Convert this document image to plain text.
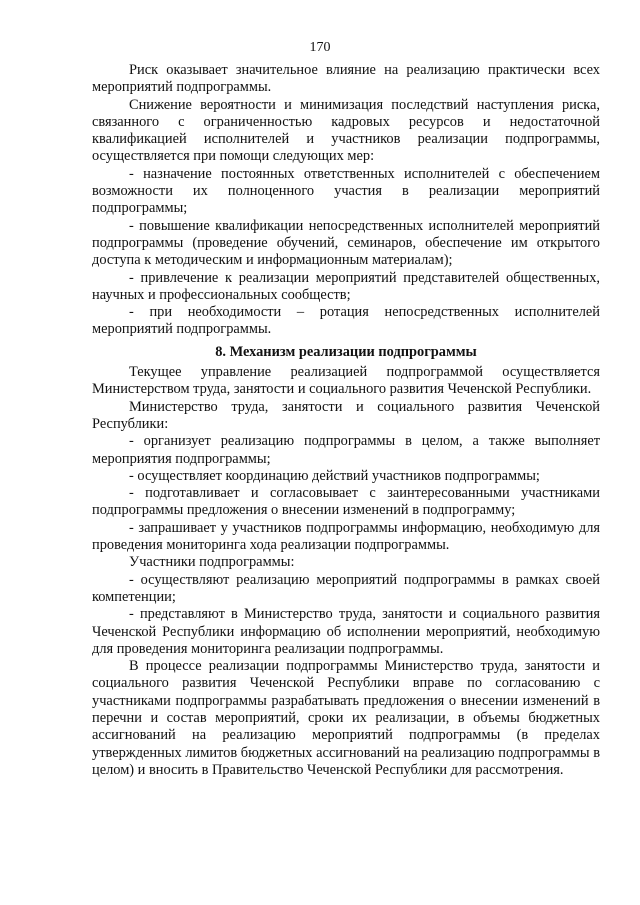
170

Риск оказывает значительное влияние на реализацию практически всех мероприятий подпрограммы.

Снижение вероятности и минимизация последствий наступления риска, связанного с ограниченностью кадровых ресурсов и недостаточной квалификацией исполнителей и участников реализации подпрограммы, осуществляется при помощи следующих мер:

- назначение постоянных ответственных исполнителей с обеспечением возможности их полноценного участия в реализации мероприятий подпрограммы;

- повышение квалификации непосредственных исполнителей мероприятий подпрограммы (проведение обучений, семинаров, обеспечение им открытого доступа к методическим и информационным материалам);

- привлечение к реализации мероприятий представителей общественных, научных и профессиональных сообществ;

- при необходимости – ротация непосредственных исполнителей мероприятий подпрограммы.

8. Механизм реализации подпрограммы

Текущее управление реализацией подпрограммой осуществляется Министерством труда, занятости и социального развития Чеченской Республики.

Министерство труда, занятости и социального развития Чеченской Республики:

- организует реализацию подпрограммы в целом, а также выполняет мероприятия подпрограммы;

- осуществляет координацию действий участников подпрограммы;

- подготавливает и согласовывает с заинтересованными участниками подпрограммы предложения о внесении изменений в подпрограмму;

- запрашивает у участников подпрограммы информацию, необходимую для проведения мониторинга хода реализации подпрограммы.

Участники подпрограммы:

- осуществляют реализацию мероприятий подпрограммы в рамках своей компетенции;

- представляют в Министерство труда, занятости и социального развития Чеченской Республики информацию об исполнении мероприятий, необходимую для проведения мониторинга реализации подпрограммы.

В процессе реализации подпрограммы Министерство труда, занятости и социального развития Чеченской Республики вправе по согласованию с участниками подпрограммы разрабатывать предложения о внесении изменений в перечни и состав мероприятий, сроки их реализации, в объемы бюджетных ассигнований на реализацию мероприятий подпрограммы (в пределах утвержденных лимитов бюджетных ассигнований на реализацию подпрограммы в целом) и вносить в Правительство Чеченской Республики для рассмотрения.
